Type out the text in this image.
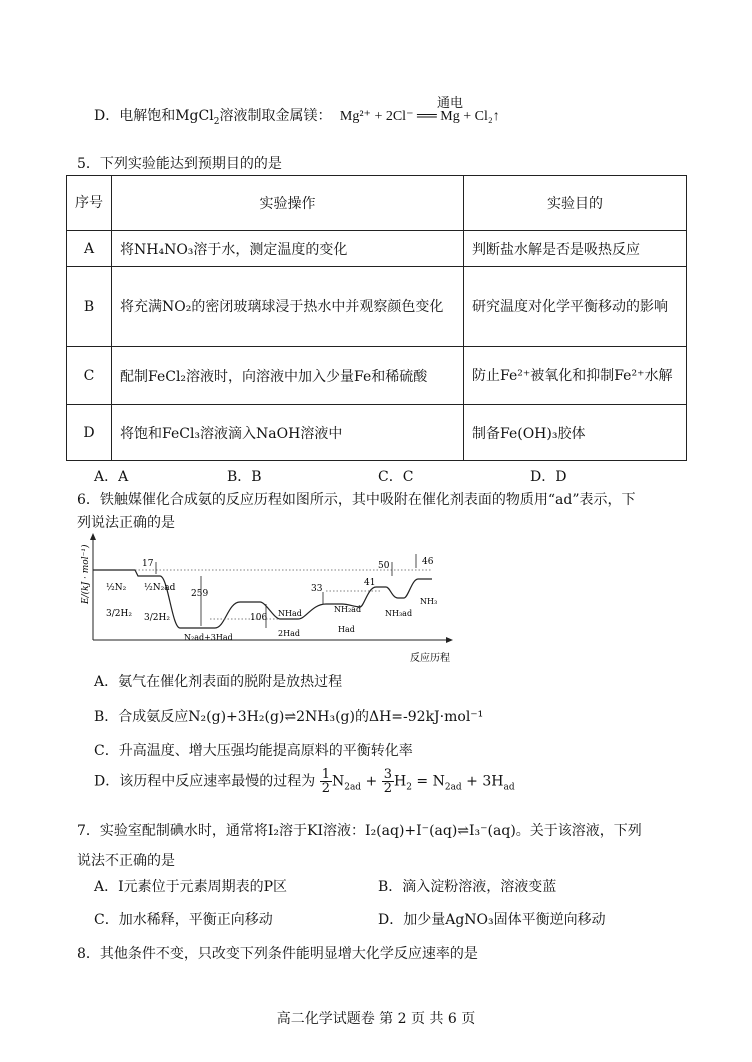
D．电解饱和MgCl$_2$溶液制取金属镁： Mg²⁺ + 2Cl⁻ ══ Mg + Cl₂↑
通电
5．下列实验能达到预期目的的是
序号	实验操作	实验目的
A	将NH₄NO₃溶于水，测定温度的变化	判断盐水解是否是吸热反应
B	将充满NO₂的密闭玻璃球浸于热水中并观察颜色变化	研究温度对化学平衡移动的影响
C	配制FeCl₂溶液时，向溶液中加入少量Fe和稀硫酸	防止Fe²⁺被氧化和抑制Fe²⁺水解
D	将饱和FeCl₃溶液滴入NaOH溶液中	制备Fe(OH)₃胶体
A．A	B．B	C．C	D．D
6．铁触媒催化合成氨的反应历程如图所示，其中吸附在催化剂表面的物质用“ad”表示，下
列说法正确的是
E/(kJ · mol⁻¹)
反应历程
17
259
106
33
41
50	46
½N₂
3/2H₂
½N₂ad
3/2H₂
N₂ad+3Had
NHad
2Had
NH₂ad
Had
NH₃ad
NH₃
A．氨气在催化剂表面的脱附是放热过程
B．合成氨反应N₂(g)+3H₂(g)⇌2NH₃(g)的ΔH=-92kJ·mol⁻¹
C．升高温度、增大压强均能提高原料的平衡转化率
D．该历程中反应速率最慢的过程为 $\frac{1}{2} N_{2ad} + \frac{3}{2} H_2 = N_{2ad} + 3H_{ad}$
7．实验室配制碘水时，通常将I₂溶于KI溶液：I₂(aq)+I⁻(aq)⇌I₃⁻(aq)。关于该溶液，下列
说法不正确的是
A．I元素位于元素周期表的P区	B．滴入淀粉溶液，溶液变蓝
C．加水稀释，平衡正向移动	D．加少量AgNO₃固体平衡逆向移动
8．其他条件不变，只改变下列条件能明显增大化学反应速率的是
高二化学试题卷 第 2 页 共 6 页
